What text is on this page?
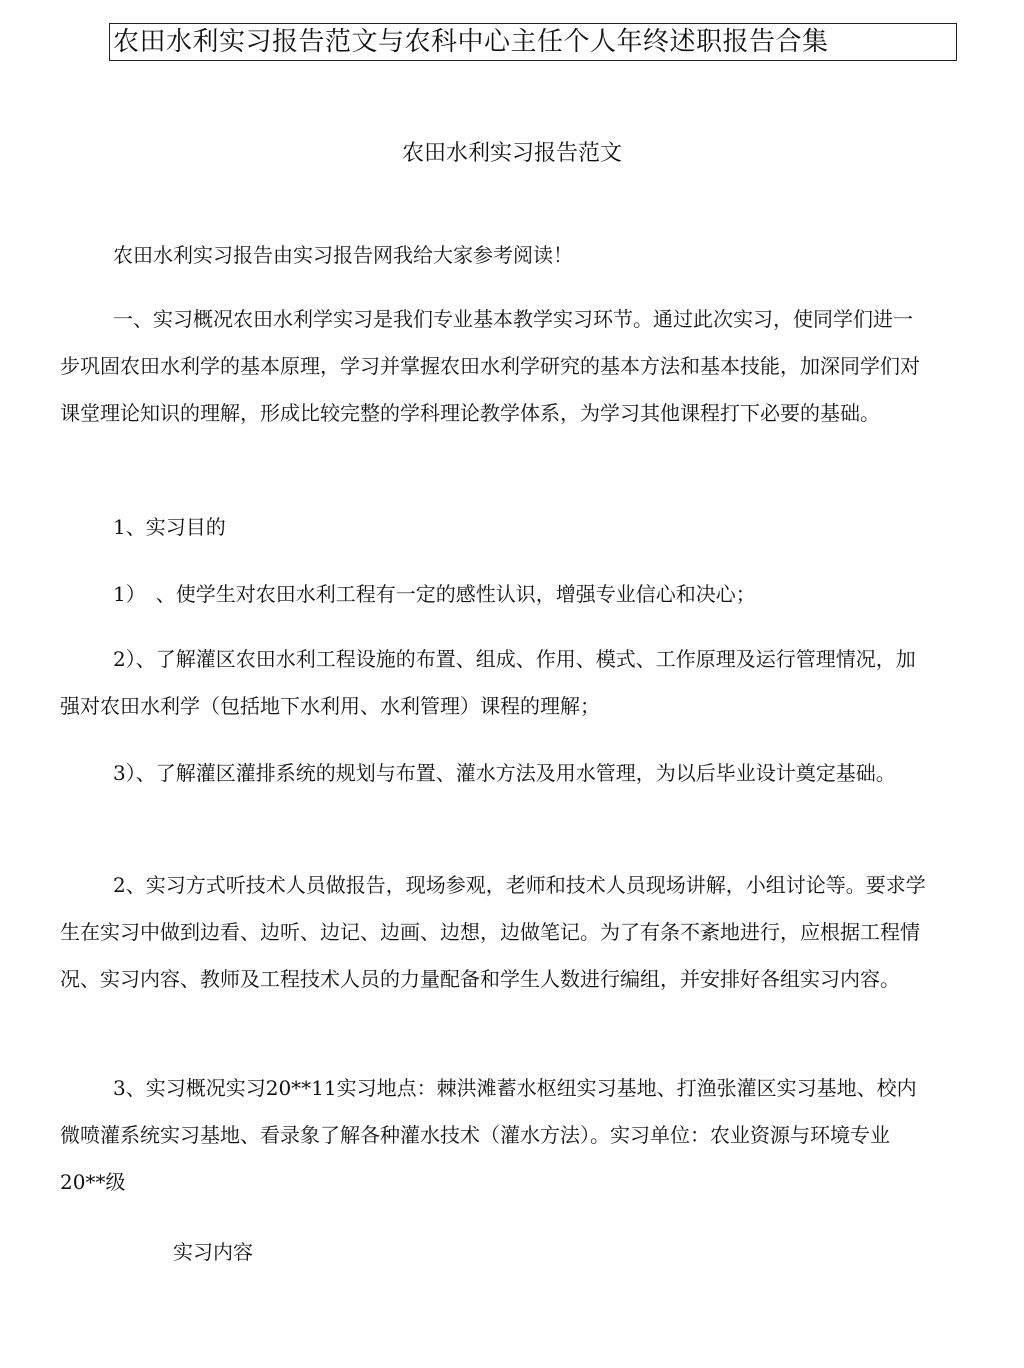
农田水利实习报告范文与农科中心主任个人年终述职报告合集
农田水利实习报告范文

农田水利实习报告由实习报告网我给大家参考阅读！

一、实习概况农田水利学实习是我们专业基本教学实习环节。通过此次实习，使同学们进一步巩固农田水利学的基本原理，学习并掌握农田水利学研究的基本方法和基本技能，加深同学们对课堂理论知识的理解，形成比较完整的学科理论教学体系，为学习其他课程打下必要的基础。

1、实习目的

1）　、使学生对农田水利工程有一定的感性认识，增强专业信心和决心；

2）、了解灌区农田水利工程设施的布置、组成、作用、模式、工作原理及运行管理情况，加强对农田水利学（包括地下水利用、水利管理）课程的理解；

3）、了解灌区灌排系统的规划与布置、灌水方法及用水管理，为以后毕业设计奠定基础。

2、实习方式听技术人员做报告，现场参观，老师和技术人员现场讲解，小组讨论等。要求学生在实习中做到边看、边听、边记、边画、边想，边做笔记。为了有条不紊地进行，应根据工程情况、实习内容、教师及工程技术人员的力量配备和学生人数进行编组，并安排好各组实习内容。

3、实习概况实习20**11实习地点：棘洪滩蓄水枢纽实习基地、打渔张灌区实习基地、校内微喷灌系统实习基地、看录象了解各种灌水技术（灌水方法）。实习单位：农业资源与环境专业20**级

实习内容
